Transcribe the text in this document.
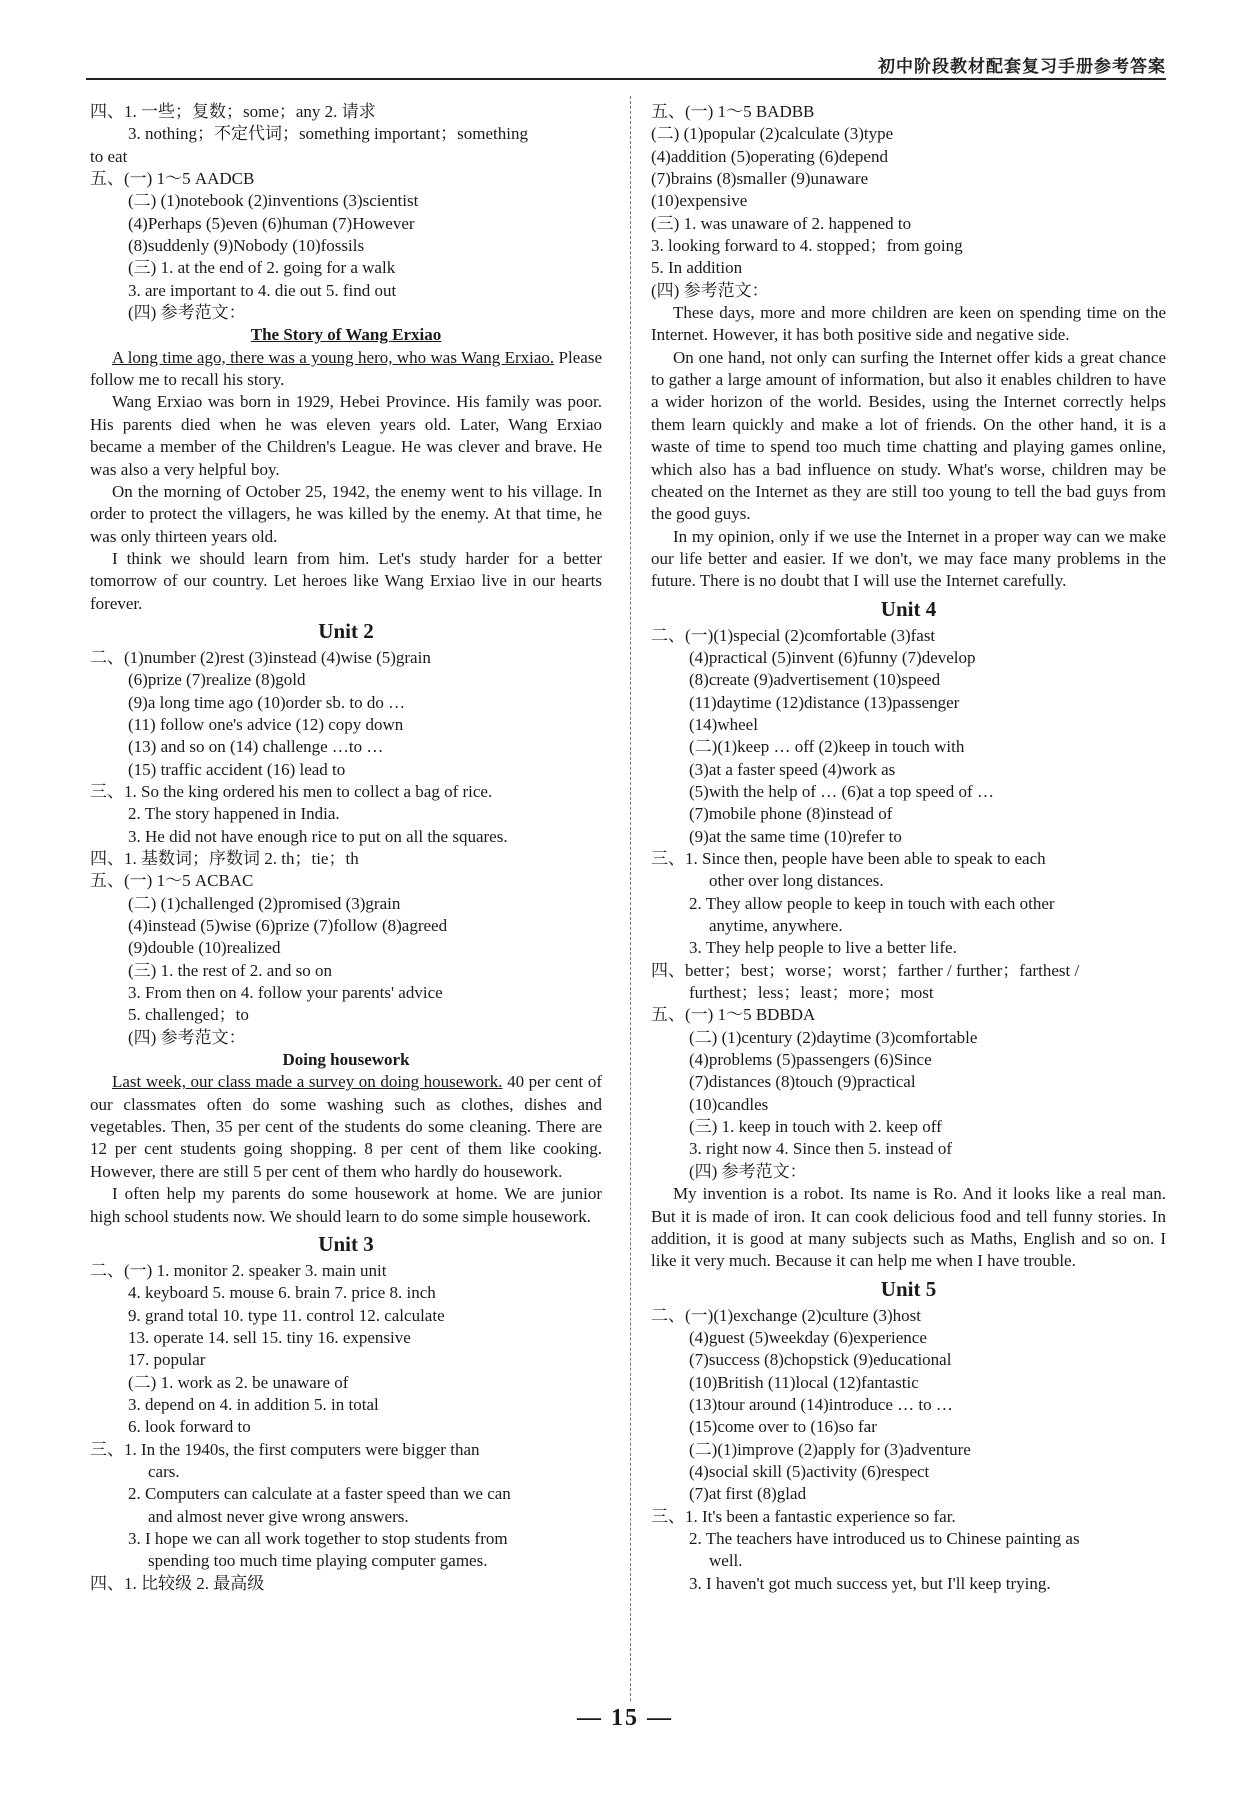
初中阶段教材配套复习手册参考答案
四、1. 一些；复数；some；any 2. 请求
3. nothing；不定代词；something important；something
to eat
五、(一) 1～5 AADCB
(二) (1)notebook (2)inventions (3)scientist
(4)Perhaps (5)even (6)human (7)However
(8)suddenly (9)Nobody (10)fossils
(三) 1. at the end of 2. going for a walk
3. are important to 4. die out 5. find out
(四) 参考范文：
The Story of Wang Erxiao
A long time ago, there was a young hero, who was Wang Erxiao. Please follow me to recall his story.
Wang Erxiao was born in 1929, Hebei Province. His family was poor. His parents died when he was eleven years old. Later, Wang Erxiao became a member of the Children's League. He was clever and brave. He was also a very helpful boy.
On the morning of October 25, 1942, the enemy went to his village. In order to protect the villagers, he was killed by the enemy. At that time, he was only thirteen years old.
I think we should learn from him. Let's study harder for a better tomorrow of our country. Let heroes like Wang Erxiao live in our hearts forever.
Unit 2
二、(1)number (2)rest (3)instead (4)wise (5)grain
(6)prize (7)realize (8)gold
(9)a long time ago (10)order sb. to do …
(11) follow one's advice (12) copy down
(13) and so on (14) challenge …to …
(15) traffic accident (16) lead to
三、1. So the king ordered his men to collect a bag of rice.
2. The story happened in India.
3. He did not have enough rice to put on all the squares.
四、1. 基数词；序数词 2. th；tie；th
五、(一) 1～5 ACBAC
(二) (1)challenged (2)promised (3)grain
(4)instead (5)wise (6)prize (7)follow (8)agreed
(9)double (10)realized
(三) 1. the rest of 2. and so on
3. From then on 4. follow your parents' advice
5. challenged；to
(四) 参考范文：
Doing housework
Last week, our class made a survey on doing housework. 40 per cent of our classmates often do some washing such as clothes, dishes and vegetables. Then, 35 per cent of the students do some cleaning. There are 12 per cent students going shopping. 8 per cent of them like cooking. However, there are still 5 per cent of them who hardly do housework.
I often help my parents do some housework at home. We are junior high school students now. We should learn to do some simple housework.
Unit 3
二、(一) 1. monitor 2. speaker 3. main unit
4. keyboard 5. mouse 6. brain 7. price 8. inch
9. grand total 10. type 11. control 12. calculate
13. operate 14. sell 15. tiny 16. expensive
17. popular
(二) 1. work as 2. be unaware of
3. depend on 4. in addition 5. in total
6. look forward to
三、1. In the 1940s, the first computers were bigger than
cars.
2. Computers can calculate at a faster speed than we can
and almost never give wrong answers.
3. I hope we can all work together to stop students from
spending too much time playing computer games.
四、1. 比较级 2. 最高级
五、(一) 1～5 BADBB
(二) (1)popular (2)calculate (3)type
(4)addition (5)operating (6)depend
(7)brains (8)smaller (9)unaware
(10)expensive
(三) 1. was unaware of 2. happened to
3. looking forward to 4. stopped；from going
5. In addition
(四) 参考范文：
These days, more and more children are keen on spending time on the Internet. However, it has both positive side and negative side.
On one hand, not only can surfing the Internet offer kids a great chance to gather a large amount of information, but also it enables children to have a wider horizon of the world. Besides, using the Internet correctly helps them learn quickly and make a lot of friends. On the other hand, it is a waste of time to spend too much time chatting and playing games online, which also has a bad influence on study. What's worse, children may be cheated on the Internet as they are still too young to tell the bad guys from the good guys.
In my opinion, only if we use the Internet in a proper way can we make our life better and easier. If we don't, we may face many problems in the future. There is no doubt that I will use the Internet carefully.
Unit 4
二、(一)(1)special (2)comfortable (3)fast
(4)practical (5)invent (6)funny (7)develop
(8)create (9)advertisement (10)speed
(11)daytime (12)distance (13)passenger
(14)wheel
(二)(1)keep … off (2)keep in touch with
(3)at a faster speed (4)work as
(5)with the help of … (6)at a top speed of …
(7)mobile phone (8)instead of
(9)at the same time (10)refer to
三、1. Since then, people have been able to speak to each
other over long distances.
2. They allow people to keep in touch with each other
anytime, anywhere.
3. They help people to live a better life.
四、better；best；worse；worst；farther / further；farthest /
furthest；less；least；more；most
五、(一) 1～5 BDBDA
(二) (1)century (2)daytime (3)comfortable
(4)problems (5)passengers (6)Since
(7)distances (8)touch (9)practical
(10)candles
(三) 1. keep in touch with 2. keep off
3. right now 4. Since then 5. instead of
(四) 参考范文：
My invention is a robot. Its name is Ro. And it looks like a real man. But it is made of iron. It can cook delicious food and tell funny stories. In addition, it is good at many subjects such as Maths, English and so on. I like it very much. Because it can help me when I have trouble.
Unit 5
二、(一)(1)exchange (2)culture (3)host
(4)guest (5)weekday (6)experience
(7)success (8)chopstick (9)educational
(10)British (11)local (12)fantastic
(13)tour around (14)introduce … to …
(15)come over to (16)so far
(二)(1)improve (2)apply for (3)adventure
(4)social skill (5)activity (6)respect
(7)at first (8)glad
三、1. It's been a fantastic experience so far.
2. The teachers have introduced us to Chinese painting as
well.
3. I haven't got much success yet, but I'll keep trying.
— 15 —
